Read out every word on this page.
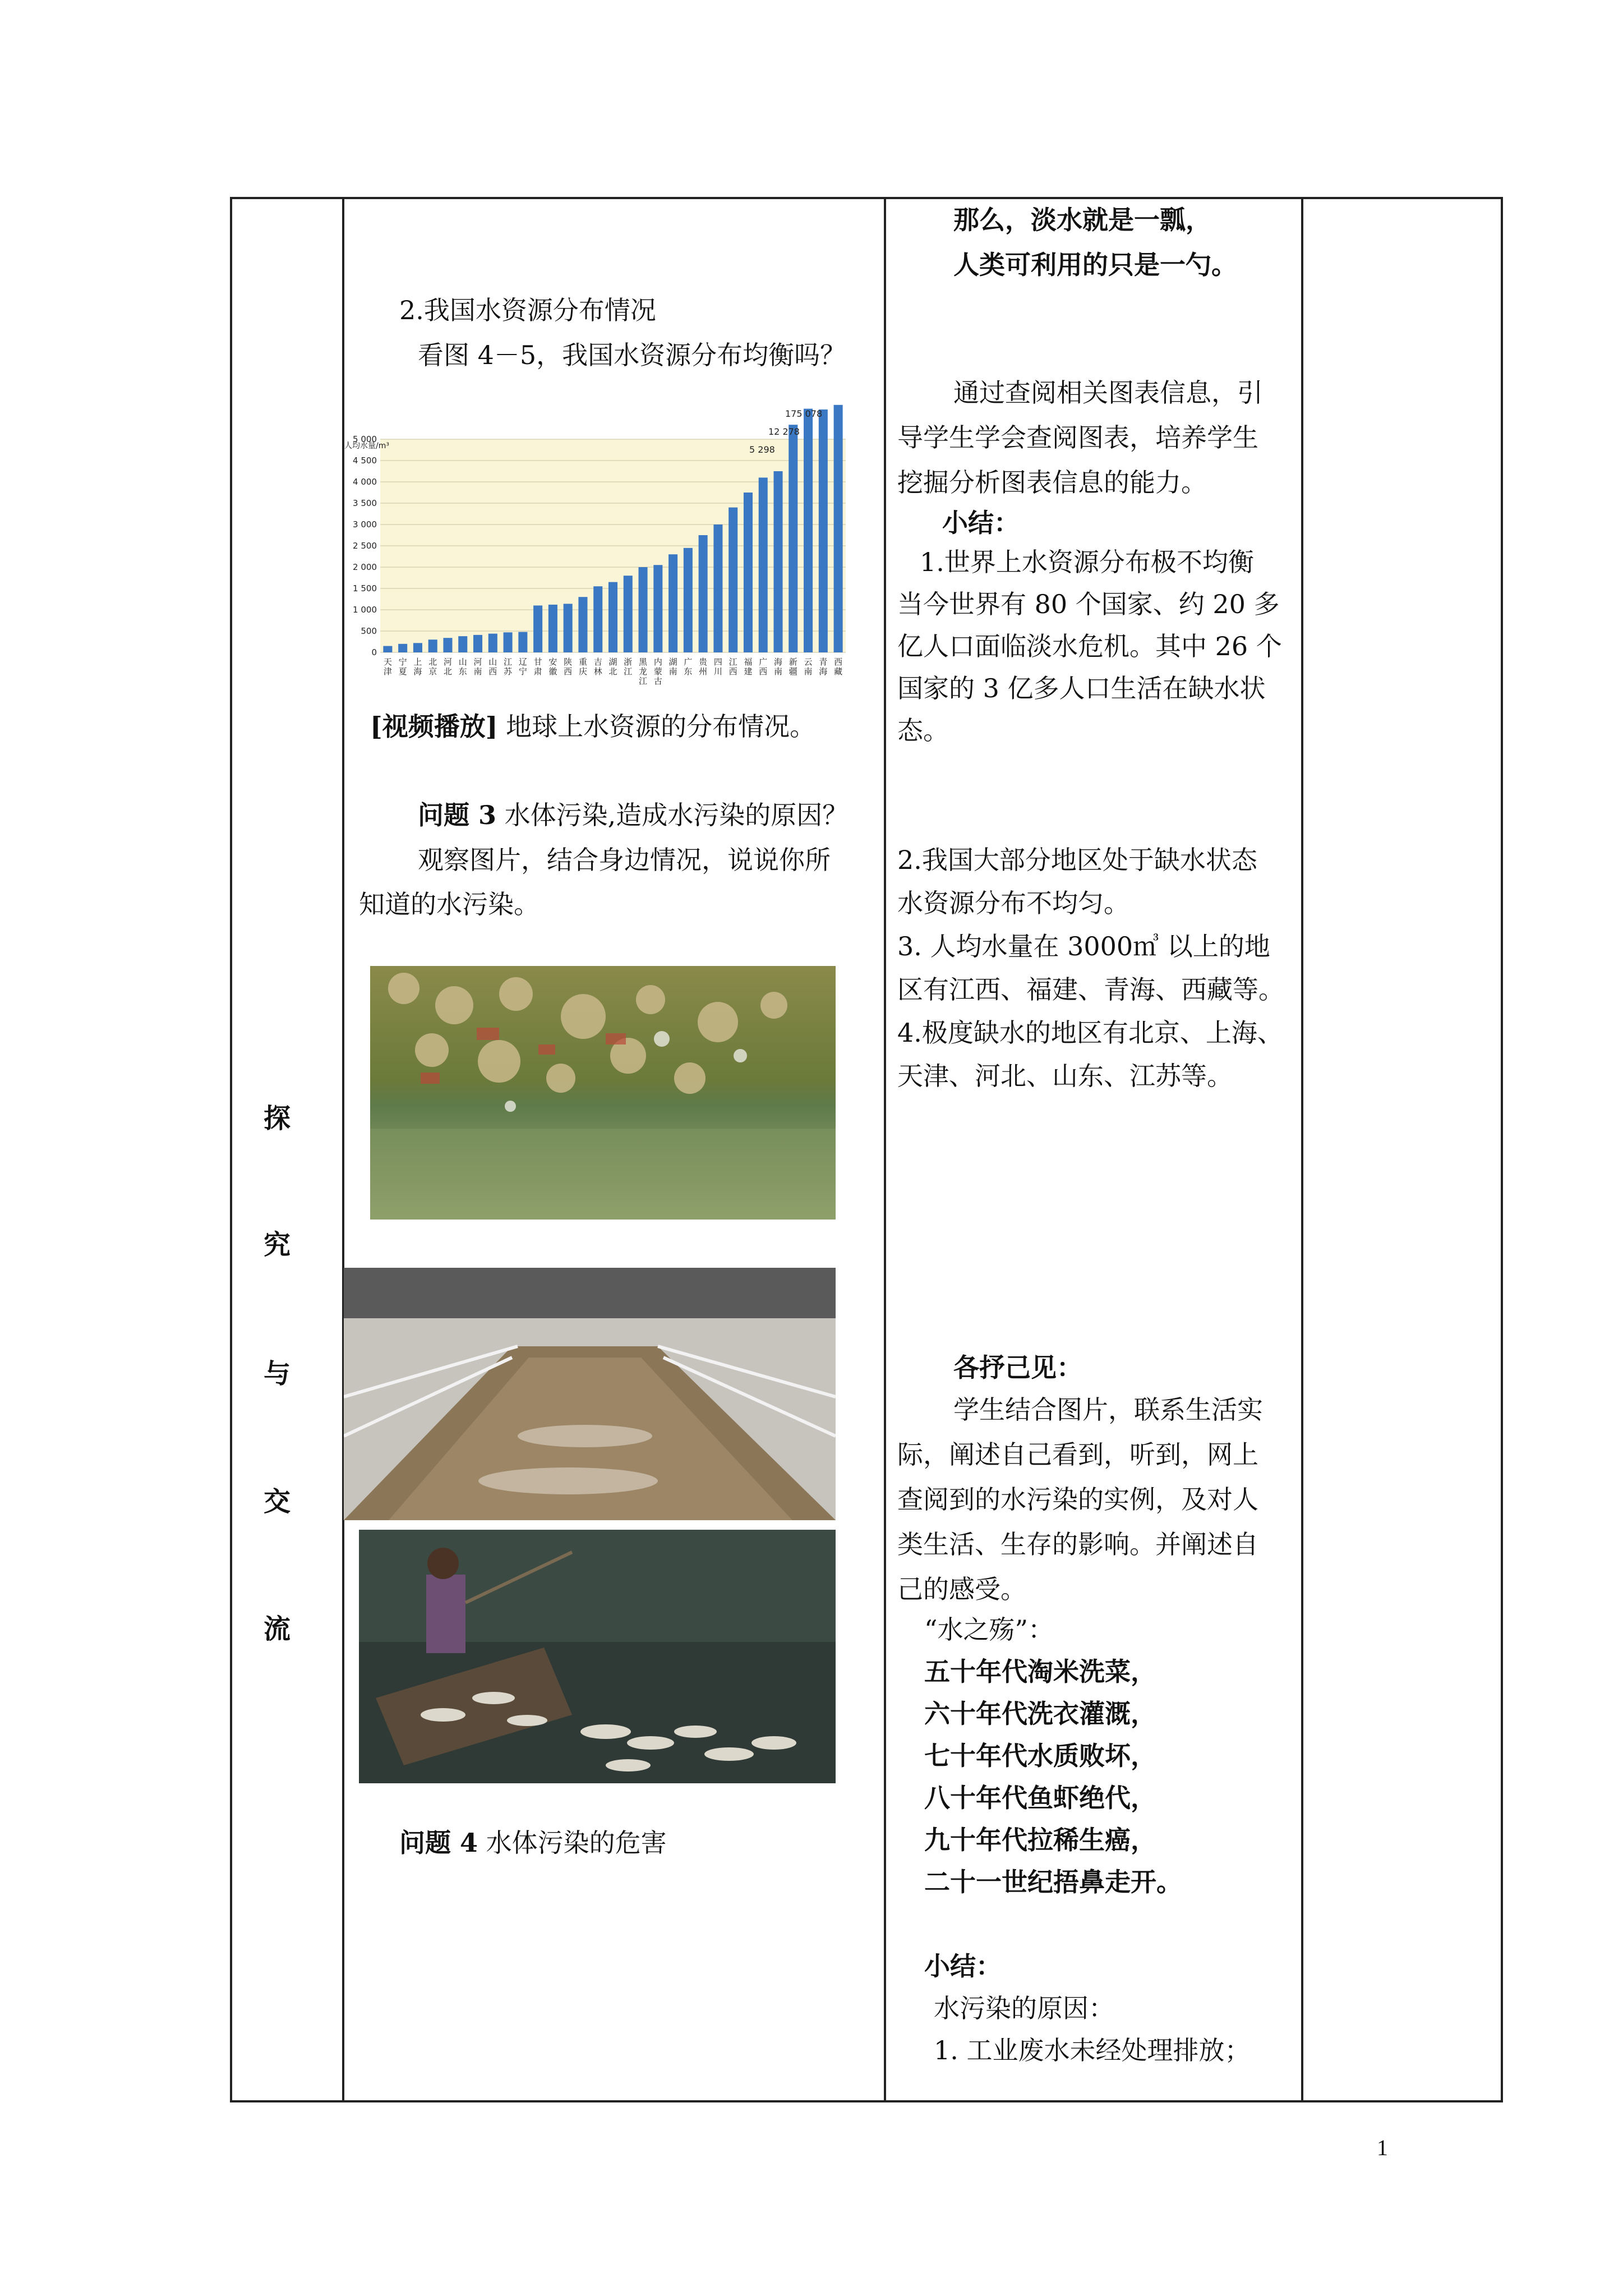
探
究
与
交
流
2.我国水资源分布情况
看图 4－5，我国水资源分布均衡吗？
0
500
1 000
1 500
2 000
2 500
3 000
3 500
4 000
4 500
5 000
天津
宁夏
上海
北京
河北
山东
河南
山西
江苏
辽宁
甘肃
安徽
陕西
重庆
吉林
湖北
浙江
黑龙江
内蒙古
湖南
广东
贵州
四川
江西
福建
广西
海南
新疆
云南
青海
西藏
人均水量/m³
175 078
12 278
5 298
[视频播放] 地球上水资源的分布情况。
问题 3 水体污染,造成水污染的原因？
观察图片，结合身边情况，说说你所
知道的水污染。
问题 4 水体污染的危害
那么，淡水就是一瓢，
人类可利用的只是一勺。
通过查阅相关图表信息，引
导学生学会查阅图表，培养学生
挖掘分析图表信息的能力。
小结：
1.世界上水资源分布极不均衡
当今世界有 80 个国家、约 20 多
亿人口面临淡水危机。其中 26 个
国家的 3 亿多人口生活在缺水状
态。
2.我国大部分地区处于缺水状态
水资源分布不均匀。
3. 人均水量在 3000㎥ 以上的地
区有江西、福建、青海、西藏等。
4.极度缺水的地区有北京、上海、
天津、河北、山东、江苏等。
各抒己见：
学生结合图片，联系生活实
际，阐述自己看到，听到，网上
查阅到的水污染的实例，及对人
类生活、生存的影响。并阐述自
己的感受。
“水之殇”：
五十年代淘米洗菜，
六十年代洗衣灌溉，
七十年代水质败坏，
八十年代鱼虾绝代，
九十年代拉稀生癌，
二十一世纪捂鼻走开。
小结：
水污染的原因：
1. 工业废水未经处理排放；
1
